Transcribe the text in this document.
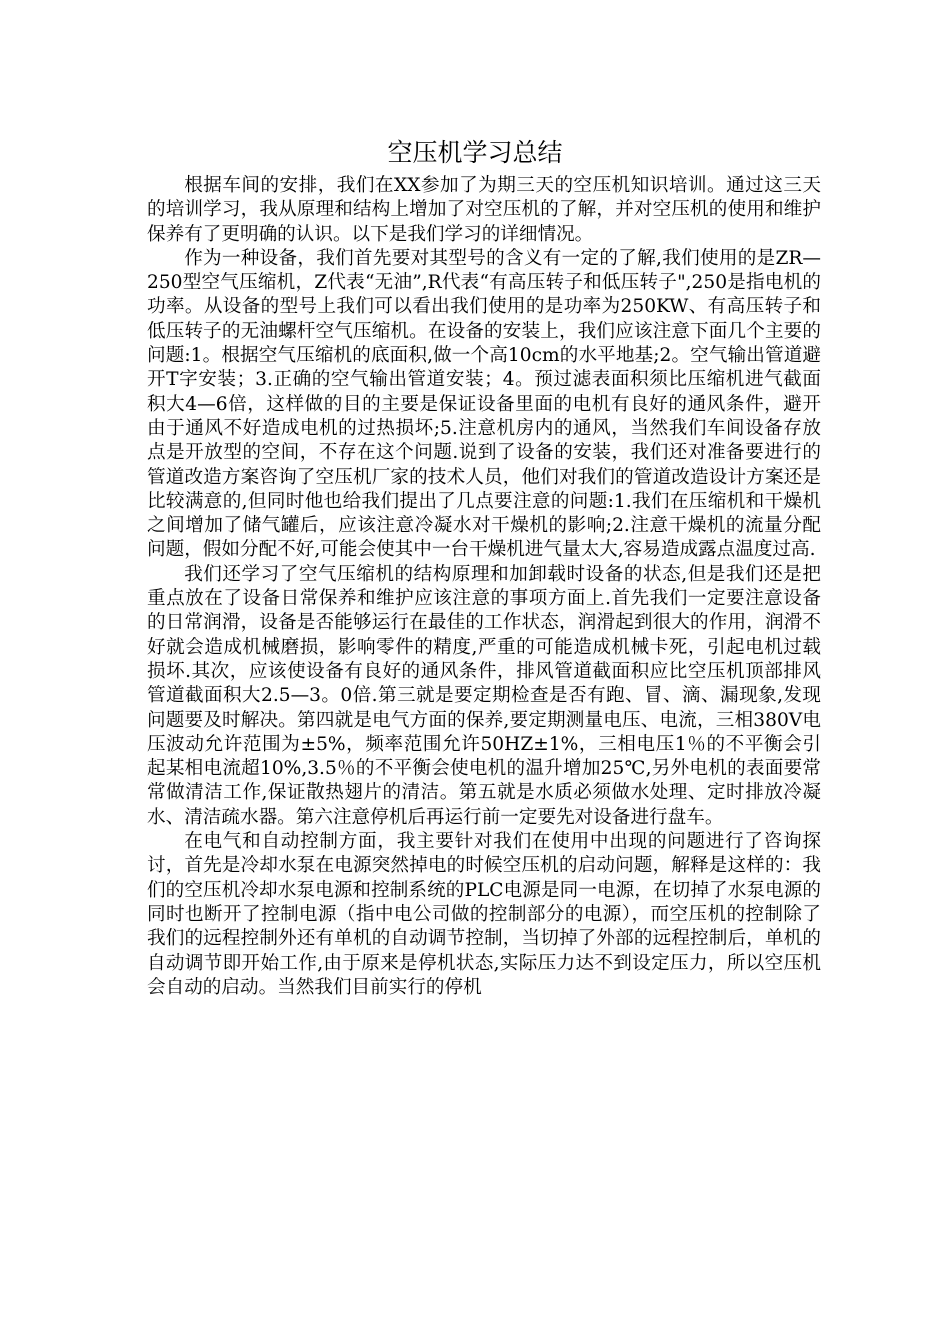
空压机学习总结

根据车间的安排，我们在XX参加了为期三天的空压机知识培训。通过这三天的培训学习，我从原理和结构上增加了对空压机的了解，并对空压机的使用和维护保养有了更明确的认识。以下是我们学习的详细情况。

作为一种设备，我们首先要对其型号的含义有一定的了解,我们使用的是ZR—250型空气压缩机，Z代表“无油”,R代表“有高压转子和低压转子",250是指电机的功率。从设备的型号上我们可以看出我们使用的是功率为250KW、有高压转子和低压转子的无油螺杆空气压缩机。在设备的安装上，我们应该注意下面几个主要的问题:1。根据空气压缩机的底面积,做一个高10cm的水平地基;2。空气输出管道避开T字安装；3.正确的空气输出管道安装；4。预过滤表面积须比压缩机进气截面积大4—6倍，这样做的目的主要是保证设备里面的电机有良好的通风条件，避开由于通风不好造成电机的过热损坏;5.注意机房内的通风，当然我们车间设备存放点是开放型的空间，不存在这个问题.说到了设备的安装，我们还对准备要进行的管道改造方案咨询了空压机厂家的技术人员，他们对我们的管道改造设计方案还是比较满意的,但同时他也给我们提出了几点要注意的问题:1.我们在压缩机和干燥机之间增加了储气罐后，应该注意冷凝水对干燥机的影响;2.注意干燥机的流量分配问题，假如分配不好,可能会使其中一台干燥机进气量太大,容易造成露点温度过高.

我们还学习了空气压缩机的结构原理和加卸载时设备的状态,但是我们还是把重点放在了设备日常保养和维护应该注意的事项方面上.首先我们一定要注意设备的日常润滑，设备是否能够运行在最佳的工作状态，润滑起到很大的作用，润滑不好就会造成机械磨损，影响零件的精度,严重的可能造成机械卡死，引起电机过载损坏.其次，应该使设备有良好的通风条件，排风管道截面积应比空压机顶部排风管道截面积大2.5—3。0倍.第三就是要定期检查是否有跑、冒、滴、漏现象,发现问题要及时解决。第四就是电气方面的保养,要定期测量电压、电流，三相380V电压波动允许范围为±5%，频率范围允许50HZ±1%，三相电压1％的不平衡会引起某相电流超10%,3.5％的不平衡会使电机的温升增加25℃,另外电机的表面要常常做清洁工作,保证散热翅片的清洁。第五就是水质必须做水处理、定时排放冷凝水、清洁疏水器。第六注意停机后再运行前一定要先对设备进行盘车。

在电气和自动控制方面，我主要针对我们在使用中出现的问题进行了咨询探讨，首先是冷却水泵在电源突然掉电的时候空压机的启动问题，解释是这样的：我们的空压机冷却水泵电源和控制系统的PLC电源是同一电源，在切掉了水泵电源的同时也断开了控制电源（指中电公司做的控制部分的电源），而空压机的控制除了我们的远程控制外还有单机的自动调节控制，当切掉了外部的远程控制后，单机的自动调节即开始工作,由于原来是停机状态,实际压力达不到设定压力，所以空压机会自动的启动。当然我们目前实行的停机
